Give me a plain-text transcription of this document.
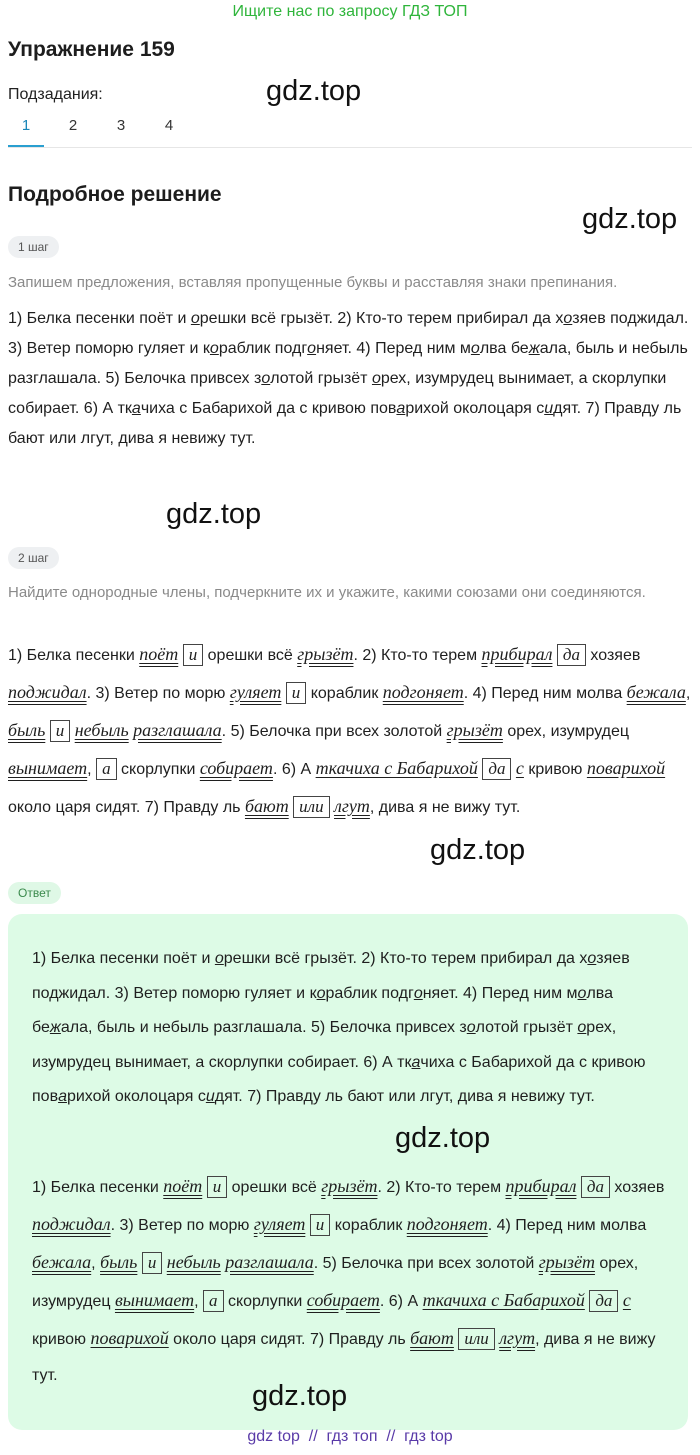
Ищите нас по запросу ГДЗ ТОП
Упражнение 159
gdz.top
Подзадания:
1	2	3	4
Подробное решение
gdz.top
1 шаг
Запишем предложения, вставляя пропущенные буквы и расставляя знаки препинания.
1) Белка песенки поёт и орешки всё грызёт. 2) Кто-то терем прибирал да хозяев поджидал. 3) Ветер поморю гуляет и кораблик подгоняет. 4) Перед ним молва бежала, быль и небыль разглашала. 5) Белочка привсех золотой грызёт орех, изумрудец вынимает, а скорлупки собирает. 6) А ткачиха с Бабарихой да с кривою поварихой околоцаря сидят. 7) Правду ль бают или лгут, дива я невижу тут.
gdz.top
2 шаг
Найдите однородные члены, подчеркните их и укажите, какими союзами они соединяются.
1) Белка песенки поёт и орешки всё грызёт. 2) Кто-то терем прибирал да хозяев поджидал. 3) Ветер по морю гуляет и кораблик подгоняет. 4) Перед ним молва бежала, быль и небыль разглашала. 5) Белочка при всех золотой грызёт орех, изумрудец вынимает, а скорлупки собирает. 6) А ткачиха с Бабарихой да с кривою поварихой около царя сидят. 7) Правду ль бают или лгут, дива я не вижу тут.
gdz.top
Ответ
1) Белка песенки поёт и орешки всё грызёт. 2) Кто-то терем прибирал да хозяев поджидал. 3) Ветер поморю гуляет и кораблик подгоняет. 4) Перед ним молва бежала, быль и небыль разглашала. 5) Белочка привсех золотой грызёт орех, изумрудец вынимает, а скорлупки собирает. 6) А ткачиха с Бабарихой да с кривою поварихой околоцаря сидят. 7) Правду ль бают или лгут, дива я невижу тут.
gdz.top
1) Белка песенки поёт и орешки всё грызёт. 2) Кто-то терем прибирал да хозяев поджидал. 3) Ветер по морю гуляет и кораблик подгоняет. 4) Перед ним молва бежала, быль и небыль разглашала. 5) Белочка при всех золотой грызёт орех, изумрудец вынимает, а скорлупки собирает. 6) А ткачиха с Бабарихой да с кривою поварихой около царя сидят. 7) Правду ль бают или лгут, дива я не вижу тут.
gdz.top
gdz top  //  гдз топ  //  гдз top
